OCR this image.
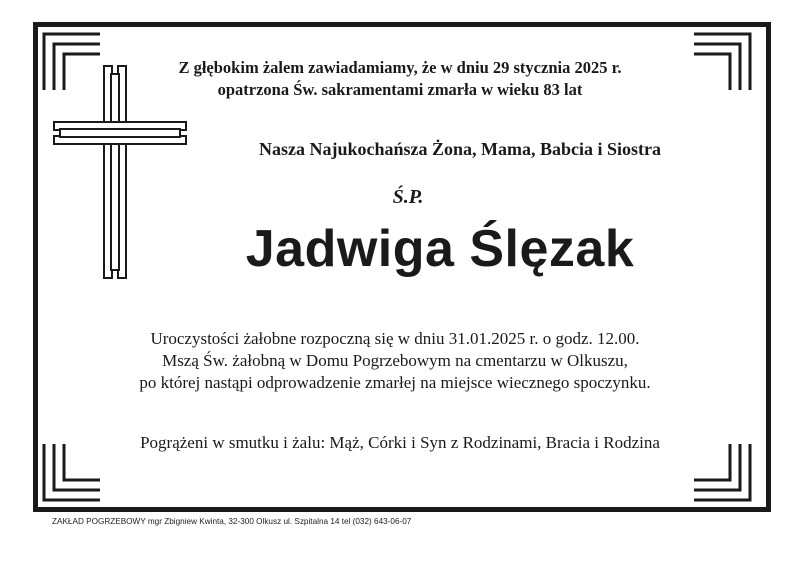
Z głębokim żalem zawiadamiamy, że w dniu 29 stycznia 2025 r.
opatrzona Św. sakramentami zmarła w wieku 83 lat
Nasza Najukochańsza Żona, Mama, Babcia i Siostra
Ś.P.
Jadwiga Ślęzak
Uroczystości żałobne rozpoczną się w dniu 31.01.2025 r. o godz. 12.00.
Mszą Św. żałobną w Domu Pogrzebowym na cmentarzu w Olkuszu,
po której nastąpi odprowadzenie zmarłej na miejsce wiecznego spoczynku.
Pogrążeni w smutku i żalu: Mąż, Córki i Syn z Rodzinami, Bracia i Rodzina
ZAKŁAD POGRZEBOWY mgr Zbigniew Kwinta, 32-300 Olkusz ul. Szpitalna 14 tel (032) 643-06-07
